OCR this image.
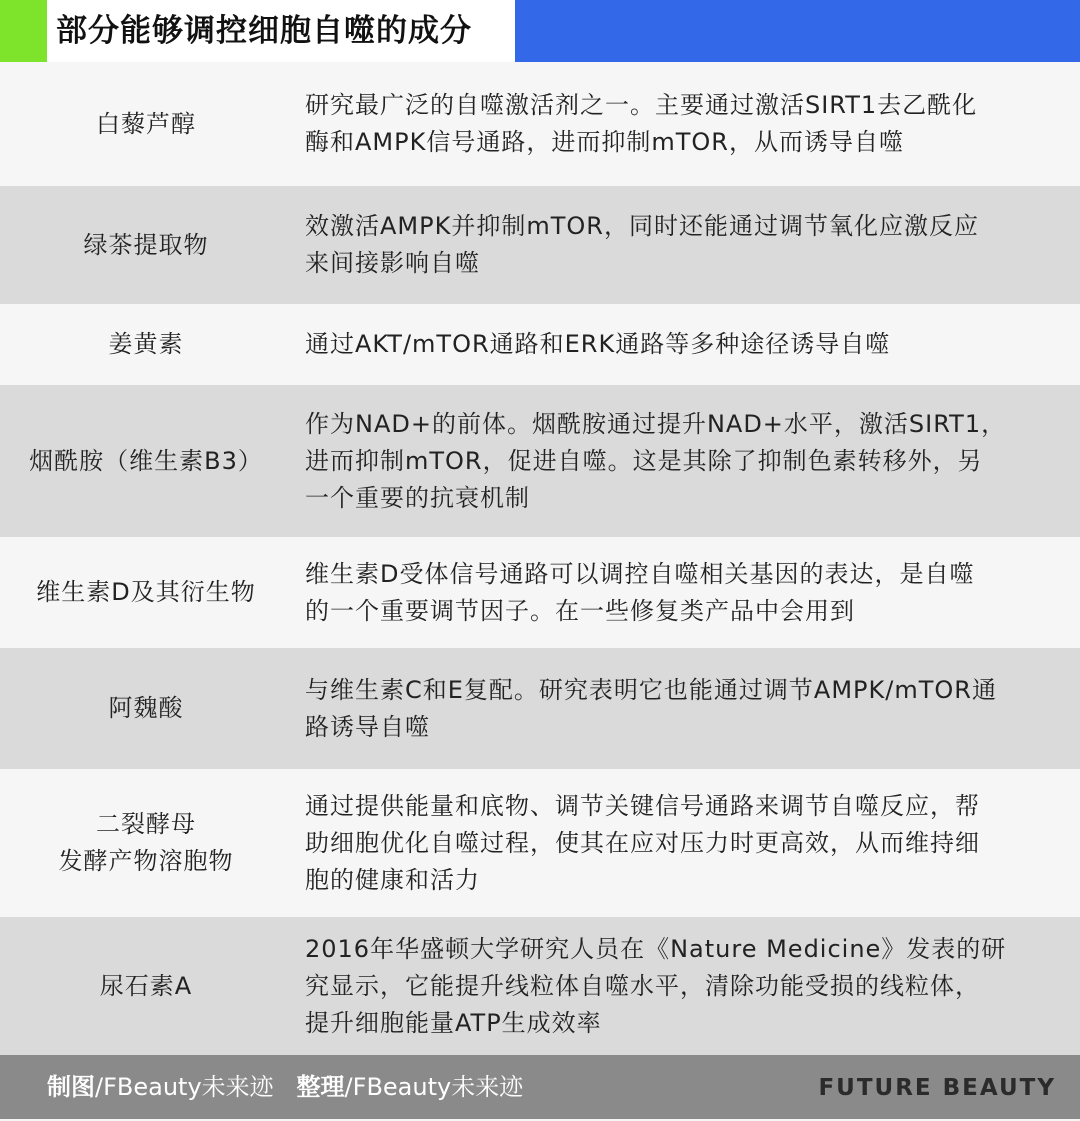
部分能够调控细胞自噬的成分
白藜芦醇
研究最广泛的自噬激活剂之一。主要通过激活SIRT1去乙酰化
酶和AMPK信号通路，进而抑制mTOR，从而诱导自噬
绿茶提取物
效激活AMPK并抑制mTOR，同时还能通过调节氧化应激反应
来间接影响自噬
姜黄素	通过AKT/mTOR通路和ERK通路等多种途径诱导自噬
烟酰胺（维生素B3）
作为NAD+的前体。烟酰胺通过提升NAD+水平，激活SIRT1，
进而抑制mTOR，促进自噬。这是其除了抑制色素转移外，另
一个重要的抗衰机制
维生素D及其衍生物
维生素D受体信号通路可以调控自噬相关基因的表达，是自噬
的一个重要调节因子。在一些修复类产品中会用到
阿魏酸
与维生素C和E复配。研究表明它也能通过调节AMPK/mTOR通
路诱导自噬
二裂酵母
发酵产物溶胞物
通过提供能量和底物、调节关键信号通路来调节自噬反应，帮
助细胞优化自噬过程，使其在应对压力时更高效，从而维持细
胞的健康和活力
尿石素A
2016年华盛顿大学研究人员在《Nature Medicine》发表的研
究显示，它能提升线粒体自噬水平，清除功能受损的线粒体，
提升细胞能量ATP生成效率
制图/FBeauty未来迹 整理/FBeauty未来迹	FUTURE BEAUTY
